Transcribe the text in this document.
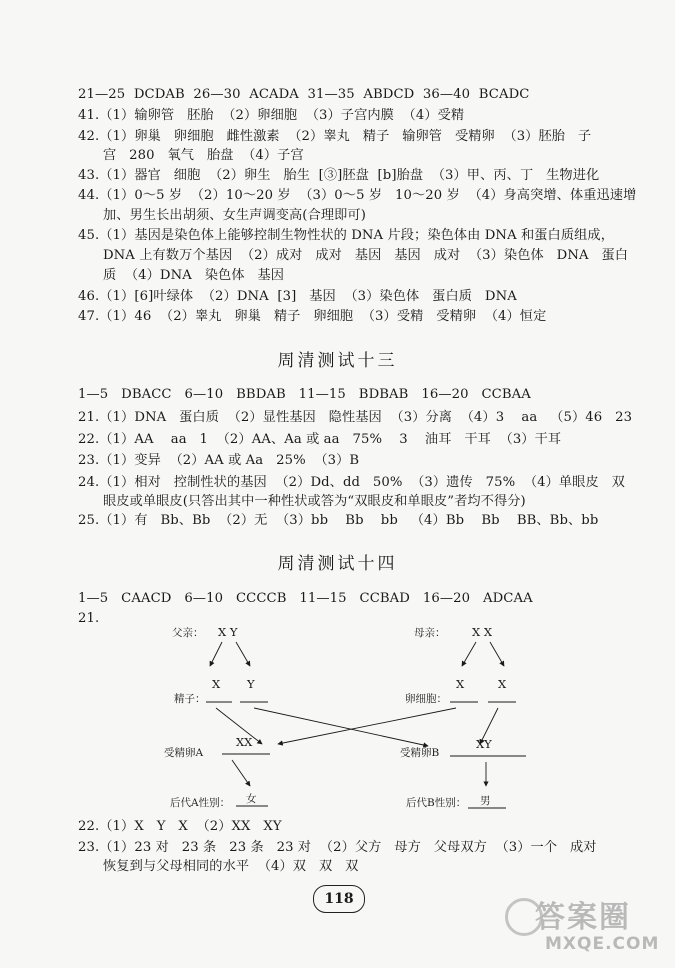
21—25  DCDAB  26—30  ACADA  31—35  ABDCD  36—40  BCADC
41.（1）输卵管   胚胎  （2）卵细胞  （3）子宫内膜  （4）受精
42.（1）卵巢   卵细胞   雌性激素  （2）睾丸   精子   输卵管   受精卵  （3）胚胎   子
宫   280   氧气   胎盘  （4）子宫
43.（1）器官   细胞  （2）卵生   胎生  [③]胚盘  [b]胎盘  （3）甲、丙、丁   生物进化
44.（1）0～5 岁  （2）10～20 岁  （3）0～5 岁   10～20 岁  （4）身高突增、体重迅速增
加、男生长出胡须、女生声调变高(合理即可)
45.（1）基因是染色体上能够控制生物性状的 DNA 片段；染色体由 DNA 和蛋白质组成，
DNA 上有数万个基因  （2）成对   成对   基因   基因   成对  （3）染色体   DNA   蛋白
质  （4）DNA   染色体   基因
46.（1）[6]叶绿体  （2）DNA  [3]   基因  （3）染色体   蛋白质   DNA
47.（1）46  （2）睾丸   卵巢   精子   卵细胞  （3）受精   受精卵  （4）恒定
周清测试十三
1—5   DBACC   6—10   BBDAB   11—15   BDBAB   16—20   CCBAA
21.（1）DNA   蛋白质  （2）显性基因   隐性基因  （3）分离  （4）3    aa   （5）46   23
22.（1）AA    aa   1  （2）AA、Aa 或 aa   75%    3    油耳   干耳  （3）干耳
23.（1）变异  （2）AA 或 Aa   25%  （3）B
24.（1）相对   控制性状的基因  （2）Dd、dd   50%  （3）遗传   75%  （4）单眼皮   双
眼皮或单眼皮(只答出其中一种性状或答为“双眼皮和单眼皮”者均不得分)
25.（1）有   Bb、Bb  （2）无  （3）bb    Bb    bb   （4）Bb    Bb    BB、Bb、bb
周清测试十四
1—5   CAACD   6—10   CCCCB   11—15   CCBAD   16—20   ADCAA
21.
父亲： X Y	母亲： X X
精子：
X Y
卵细胞：
X	X
受精卵A
XX
受精卵B
XY
后代A性别： 女	后代B性别： 男
22.（1）X   Y   X  （2）XX   XY
23.（1）23 对   23 条   23 条   23 对  （2）父方   母方   父母双方  （3）一个   成对
恢复到与父母相同的水平  （4）双   双   双
118
答案圈
MXQE.COM
